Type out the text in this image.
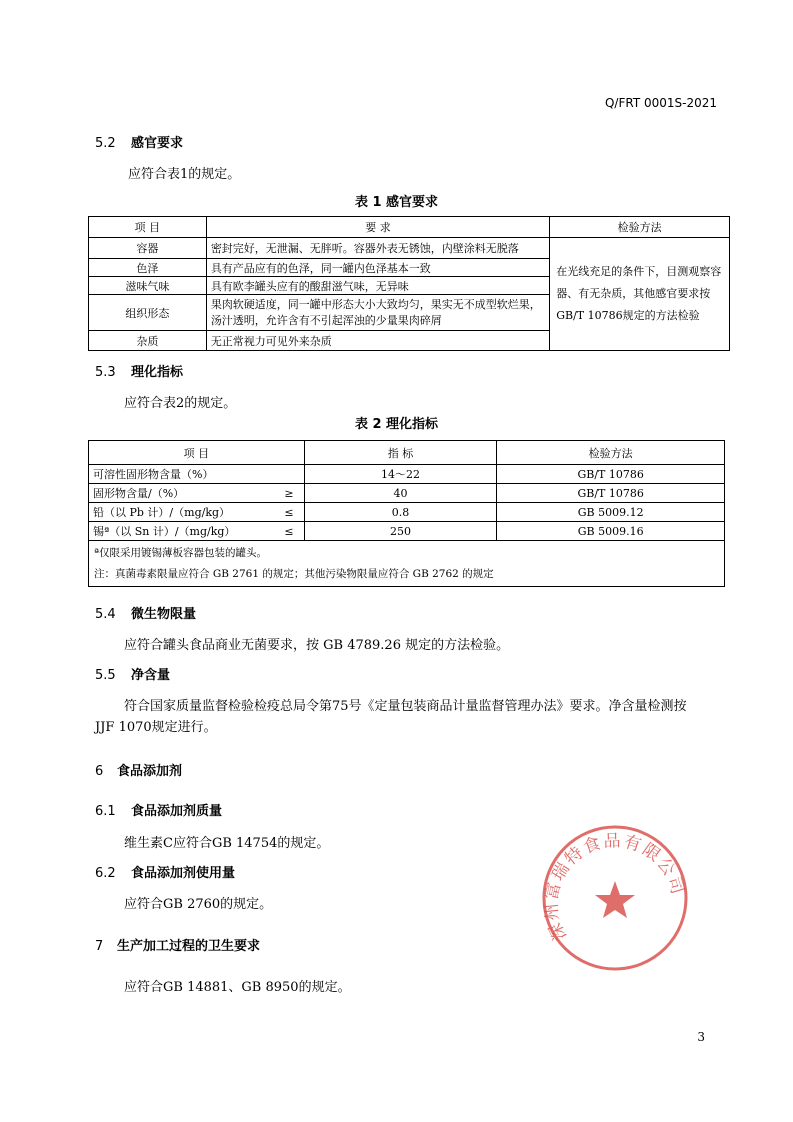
Q/FRT 0001S-2021
5.2 感官要求
应符合表1的规定。
表 1 感官要求
项 目	要 求	检验方法
容器	密封完好，无泄漏、无胖听。容器外表无锈蚀，内壁涂料无脱落	在光线充足的条件下，目测观察容器、有无杂质，其他感官要求按GB/T 10786规定的方法检验
色泽	具有产品应有的色泽，同一罐内色泽基本一致	
滋味气味	具有欧李罐头应有的酸甜滋气味，无异味	
组织形态	果肉软硬适度，同一罐中形态大小大致均匀，果实无不成型软烂果，汤汁透明，允许含有不引起浑浊的少量果肉碎屑	
杂质	无正常视力可见外来杂质	
5.3 理化指标
应符合表2的规定。
表 2 理化指标
项 目		指 标	检验方法
可溶性固形物含量（%）		14～22	GB/T 10786
固形物含量/（%）	≥	40	GB/T 10786
铅（以 Pb 计）/（mg/kg）	≤	0.8	GB 5009.12
锡ª（以 Sn 计）/（mg/kg）	≤	250	GB 5009.16

ª仅限采用镀锡薄板容器包装的罐头。
注：真菌毒素限量应符合 GB 2761 的规定；其他污染物限量应符合 GB 2762 的规定			
5.4 微生物限量
应符合罐头食品商业无菌要求，按 GB 4789.26 规定的方法检验。
5.5 净含量
符合国家质量监督检验检疫总局令第75号《定量包装商品计量监督管理办法》要求。净含量检测按
JJF 1070规定进行。
6 食品添加剂
6.1 食品添加剂质量
维生素C应符合GB 14754的规定。
6.2 食品添加剂使用量
应符合GB 2760的规定。
7 生产加工过程的卫生要求
应符合GB 14881、GB 8950的规定。
深州富瑞特食品有限公司
3
